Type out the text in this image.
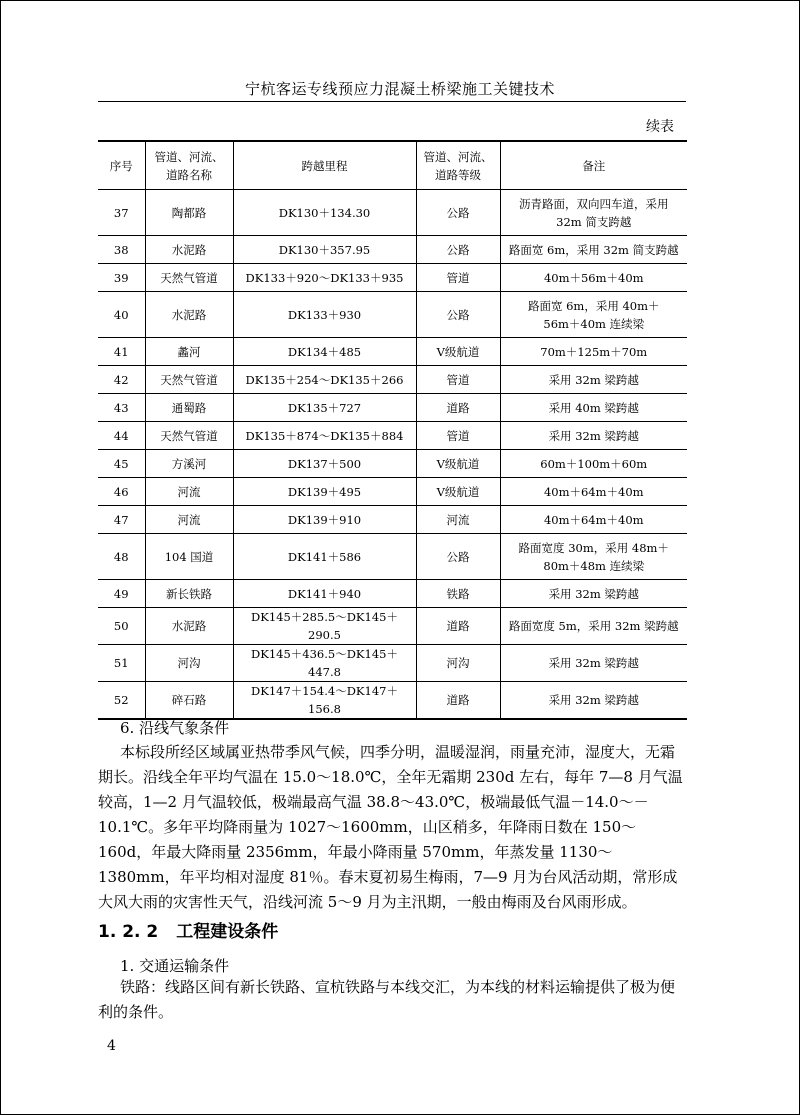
宁杭客运专线预应力混凝土桥梁施工关键技术
续表
序号	管道、河流、道路名称	跨越里程	管道、河流、道路等级	备注
37	陶都路	DK130＋134.30	公路	沥青路面，双向四车道，采用 32m 简支跨越
38	水泥路	DK130＋357.95	公路	路面宽 6m，采用 32m 简支跨越
39	天然气管道	DK133＋920～DK133＋935	管道	40m＋56m＋40m
40	水泥路	DK133＋930	公路	路面宽 6m，采用 40m＋56m＋40m 连续梁
41	蠡河	DK134＋485	Ⅴ级航道	70m＋125m＋70m
42	天然气管道	DK135＋254～DK135＋266	管道	采用 32m 梁跨越
43	通蜀路	DK135＋727	道路	采用 40m 梁跨越
44	天然气管道	DK135＋874～DK135＋884	管道	采用 32m 梁跨越
45	方溪河	DK137＋500	Ⅴ级航道	60m＋100m＋60m
46	河流	DK139＋495	Ⅴ级航道	40m＋64m＋40m
47	河流	DK139＋910	河流	40m＋64m＋40m
48	104 国道	DK141＋586	公路	路面宽度 30m，采用 48m＋80m＋48m 连续梁
49	新长铁路	DK141＋940	铁路	采用 32m 梁跨越
50	水泥路	DK145＋285.5～DK145＋290.5	道路	路面宽度 5m，采用 32m 梁跨越
51	河沟	DK145＋436.5～DK145＋447.8	河沟	采用 32m 梁跨越
52	碎石路	DK147＋154.4～DK147＋156.8	道路	采用 32m 梁跨越
6. 沿线气象条件

本标段所经区域属亚热带季风气候，四季分明，温暖湿润，雨量充沛，湿度大，无霜期长。沿线全年平均气温在 15.0～18.0℃，全年无霜期 230d 左右，每年 7—8 月气温较高，1—2 月气温较低，极端最高气温 38.8～43.0℃，极端最低气温－14.0～－10.1℃。多年平均降雨量为 1027～1600mm，山区稍多，年降雨日数在 150～160d，年最大降雨量 2356mm，年最小降雨量 570mm，年蒸发量 1130～1380mm，年平均相对湿度 81％。春末夏初易生梅雨，7—9 月为台风活动期，常形成大风大雨的灾害性天气，沿线河流 5～9 月为主汛期，一般由梅雨及台风雨形成。

1. 2. 2 工程建设条件
1. 交通运输条件

铁路：线路区间有新长铁路、宣杭铁路与本线交汇，为本线的材料运输提供了极为便利的条件。

4
